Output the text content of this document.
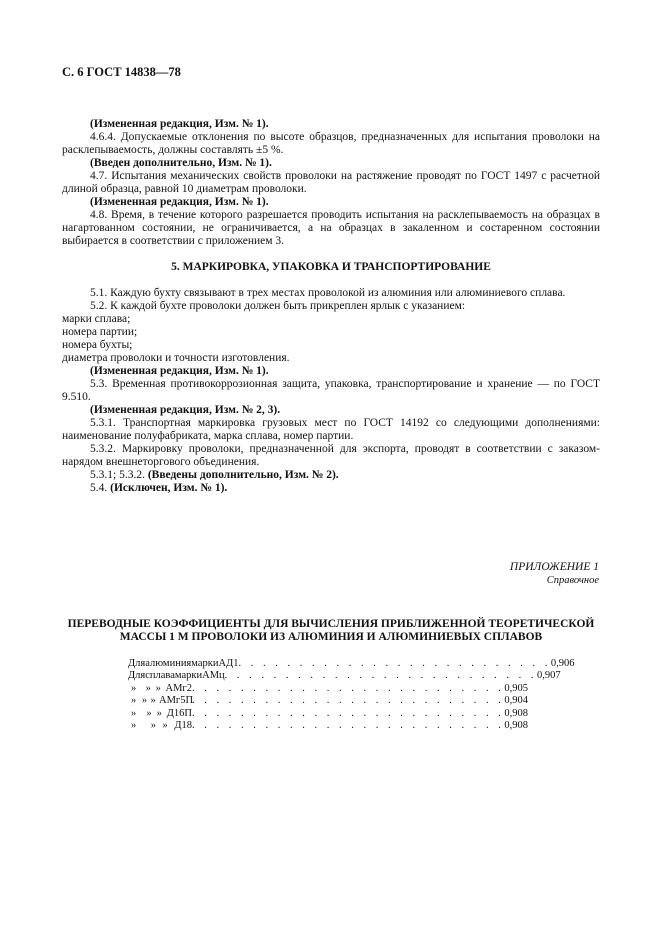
С. 6 ГОСТ 14838—78

(Измененная редакция, Изм. № 1).

4.6.4. Допускаемые отклонения по высоте образцов, предназначенных для испытания проволоки на расклепываемость, должны составлять ±5 %.

(Введен дополнительно, Изм. № 1).

4.7. Испытания механических свойств проволоки на растяжение проводят по ГОСТ 1497 с расчетной длиной образца, равной 10 диаметрам проволоки.

(Измененная редакция, Изм. № 1).

4.8. Время, в течение которого разрешается проводить испытания на расклепываемость на образцах в нагартованном состоянии, не ограничивается, а на образцах в закаленном и состаренном состоянии выбирается в соответствии с приложением 3.

5. МАРКИРОВКА, УПАКОВКА И ТРАНСПОРТИРОВАНИЕ

5.1. Каждую бухту связывают в трех местах проволокой из алюминия или алюминиевого сплава.

5.2. К каждой бухте проволоки должен быть прикреплен ярлык с указанием:

марки сплава;

номера партии;

номера бухты;

диаметра проволоки и точности изготовления.

(Измененная редакция, Изм. № 1).

5.3. Временная противокоррозионная защита, упаковка, транспортирование и хранение — по ГОСТ 9.510.

(Измененная редакция, Изм. № 2, 3).

5.3.1. Транспортная маркировка грузовых мест по ГОСТ 14192 со следующими дополнениями: наименование полуфабриката, марка сплава, номер партии.

5.3.2. Маркировку проволоки, предназначенной для экспорта, проводят в соответствии с заказом-нарядом внешнеторгового объединения.

5.3.1; 5.3.2. (Введены дополнительно, Изм. № 2).

5.4. (Исключен, Изм. № 1).

ПРИЛОЖЕНИЕ 1
Справочное
ПЕРЕВОДНЫЕ КОЭФФИЦИЕНТЫ ДЛЯ ВЫЧИСЛЕНИЯ ПРИБЛИЖЕННОЙ ТЕОРЕТИЧЕСКОЙ
МАССЫ 1 М ПРОВОЛОКИ ИЗ АЛЮМИНИЯ И АЛЮМИНИЕВЫХ СПЛАВОВ
Для алюминия марки АД1 . . . . . . . . . . . . . . . . . . . . . . . . . . 0,906
Для сплава марки АМц . . . . . . . . . . . . . . . . . . . . . . . . . . 0,907
» » » АМг2 . . . . . . . . . . . . . . . . . . . . . . . . . . 0,905
» » » АМг5П
. . . . . . . . . . . . . . . . . . . . . . . . . . 0,904
» » » Д16П . . . . . . . . . . . . . . . . . . . . . . . . . . 0,908
» » » Д18 . . . . . . . . . . . . . . . . . . . . . . . . . . 0,908
